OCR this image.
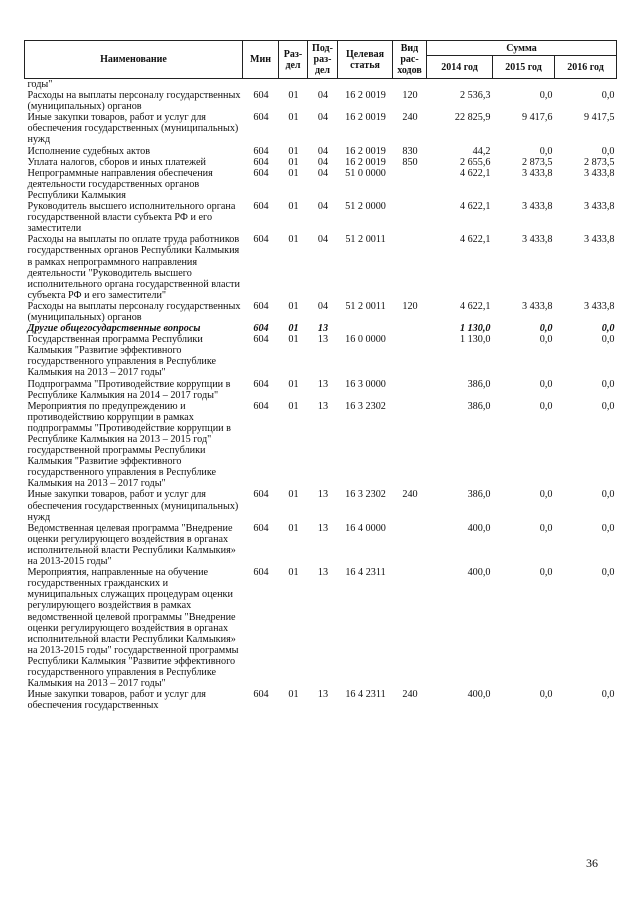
Наименование	Мин	Раз-
дел	Под-
раз-
дел	Целевая
статья	Вид
рас-
ходов	Сумма		
						2014 год	2015 год	2016 год
годы"								
Расходы на выплаты персоналу государственных (муниципальных) органов	604	01	04	16 2 0019	120	2 536,3	0,0	0,0
Иные закупки товаров, работ и услуг для обеспечения государственных (муниципальных) нужд	604	01	04	16 2 0019	240	22 825,9	9 417,6	9 417,5
Исполнение судебных актов	604	01	04	16 2 0019	830	44,2	0,0	0,0
Уплата налогов, сборов и иных платежей	604	01	04	16 2 0019	850	2 655,6	2 873,5	2 873,5
Непрограммные направления обеспечения деятельности государственных органов Республики Калмыкия	604	01	04	51 0 0000		4 622,1	3 433,8	3 433,8
Руководитель высшего исполнительного органа государственной власти субъекта РФ и его заместители	604	01	04	51 2 0000		4 622,1	3 433,8	3 433,8
Расходы на выплаты по оплате труда работников государственных органов Республики Калмыкия в рамках непрограммного направления деятельности "Руководитель высшего исполнительного органа государственной власти субъекта РФ и его заместители"	604	01	04	51 2 0011		4 622,1	3 433,8	3 433,8
Расходы на выплаты персоналу государственных (муниципальных) органов	604	01	04	51 2 0011	120	4 622,1	3 433,8	3 433,8
Другие общегосударственные вопросы	604	01	13			1 130,0	0,0	0,0
Государственная программа Республики Калмыкия "Развитие эффективного государственного управления в Республике Калмыкия на 2013 – 2017 годы"	604	01	13	16 0 0000		1 130,0	0,0	0,0
Подпрограмма "Противодействие коррупции в Республике Калмыкия на 2014 – 2017 годы"	604	01	13	16 3 0000		386,0	0,0	0,0
Мероприятия по предупреждению и противодействию коррупции в рамках подпрограммы "Противодействие коррупции в Республике Калмыкия на 2013 – 2015 год" государственной программы Республики Калмыкия "Развитие эффективного государственного управления в Республике Калмыкия на 2013 – 2017 годы"	604	01	13	16 3 2302		386,0	0,0	0,0
Иные закупки товаров, работ и услуг для обеспечения государственных (муниципальных) нужд	604	01	13	16 3 2302	240	386,0	0,0	0,0
Ведомственная целевая программа "Внедрение оценки регулирующего воздействия в органах исполнительной власти Республики Калмыкия» на 2013-2015 годы"	604	01	13	16 4 0000		400,0	0,0	0,0
Мероприятия, направленные на обучение государственных гражданских и муниципальных служащих процедурам оценки регулирующего воздействия в рамках ведомственной целевой программы "Внедрение оценки регулирующего воздействия в органах исполнительной власти Республики Калмыкия» на 2013-2015 годы" государственной программы Республики Калмыкия "Развитие эффективного государственного управления в Республике Калмыкия на 2013 – 2017 годы"	604	01	13	16 4 2311		400,0	0,0	0,0
Иные закупки товаров, работ и услуг для обеспечения государственных	604	01	13	16 4 2311	240	400,0	0,0	0,0
36
